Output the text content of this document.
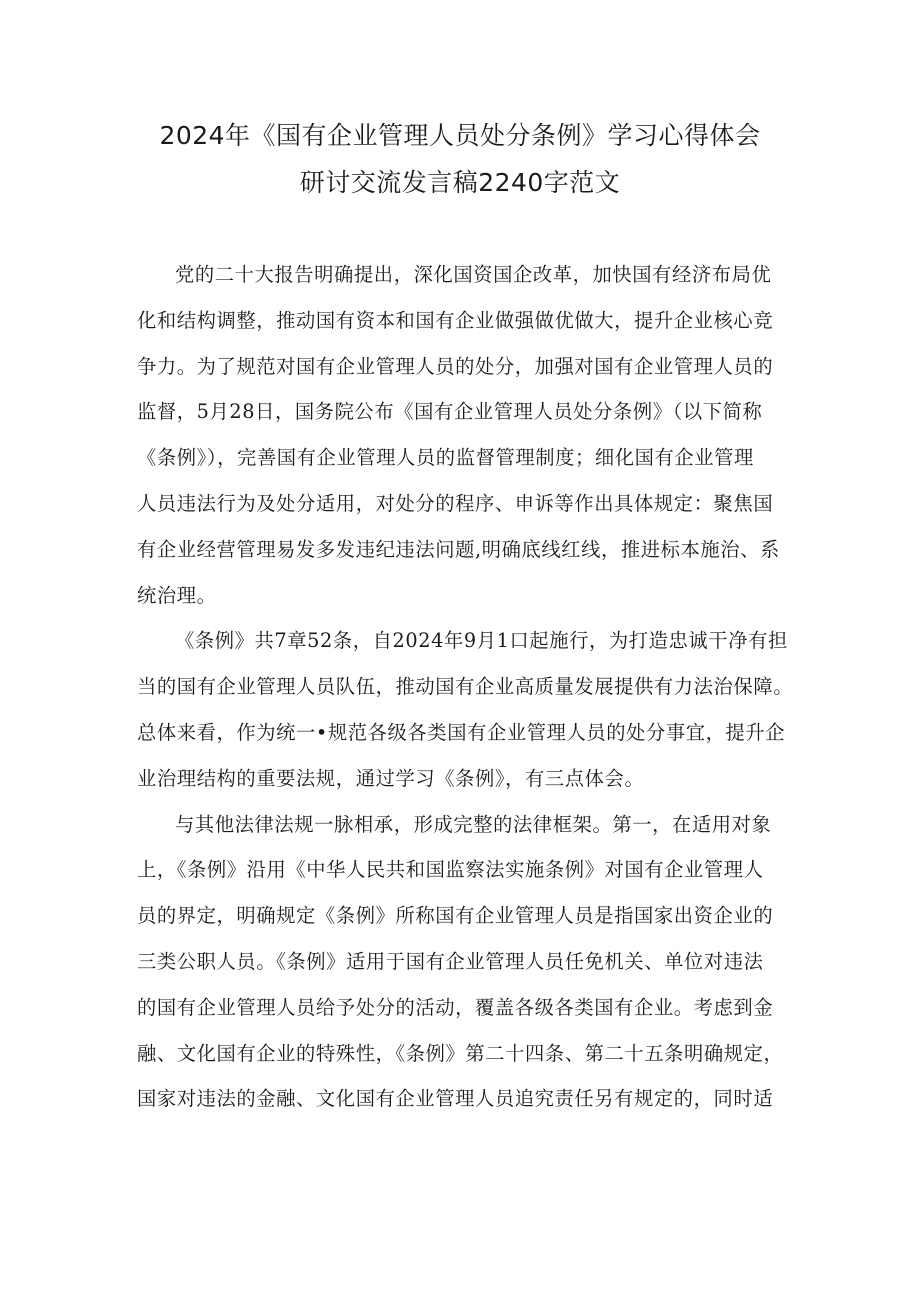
2024年《国有企业管理人员处分条例》学习心得体会
研讨交流发言稿2240字范文
党的二十大报告明确提出，深化国资国企改革，加快国有经济布局优
化和结构调整，推动国有资本和国有企业做强做优做大，提升企业核心竞
争力。为了规范对国有企业管理人员的处分，加强对国有企业管理人员的
监督，5月28日，国务院公布《国有企业管理人员处分条例》（以下简称
《条例》），完善国有企业管理人员的监督管理制度；细化国有企业管理
人员违法行为及处分适用，对处分的程序、申诉等作出具体规定：聚焦国
有企业经营管理易发多发违纪违法问题,明确底线红线，推进标本施治、系
统治理。
《条例》共7章52条，自2024年9月1口起施行，为打造忠诚干净有担
当的国有企业管理人员队伍，推动国有企业高质量发展提供有力法治保障。
总体来看，作为统一•规范各级各类国有企业管理人员的处分事宜，提升企
业治理结构的重要法规，通过学习《条例》，有三点体会。
与其他法律法规一脉相承，形成完整的法律框架。第一，在适用对象
上，《条例》沿用《中华人民共和国监察法实施条例》对国有企业管理人
员的界定，明确规定《条例》所称国有企业管理人员是指国家出资企业的
三类公职人员。《条例》适用于国有企业管理人员任免机关、单位对违法
的国有企业管理人员给予处分的活动，覆盖各级各类国有企业。考虑到金
融、文化国有企业的特殊性，《条例》第二十四条、第二十五条明确规定，
国家对违法的金融、文化国有企业管理人员追究责任另有规定的，同时适
